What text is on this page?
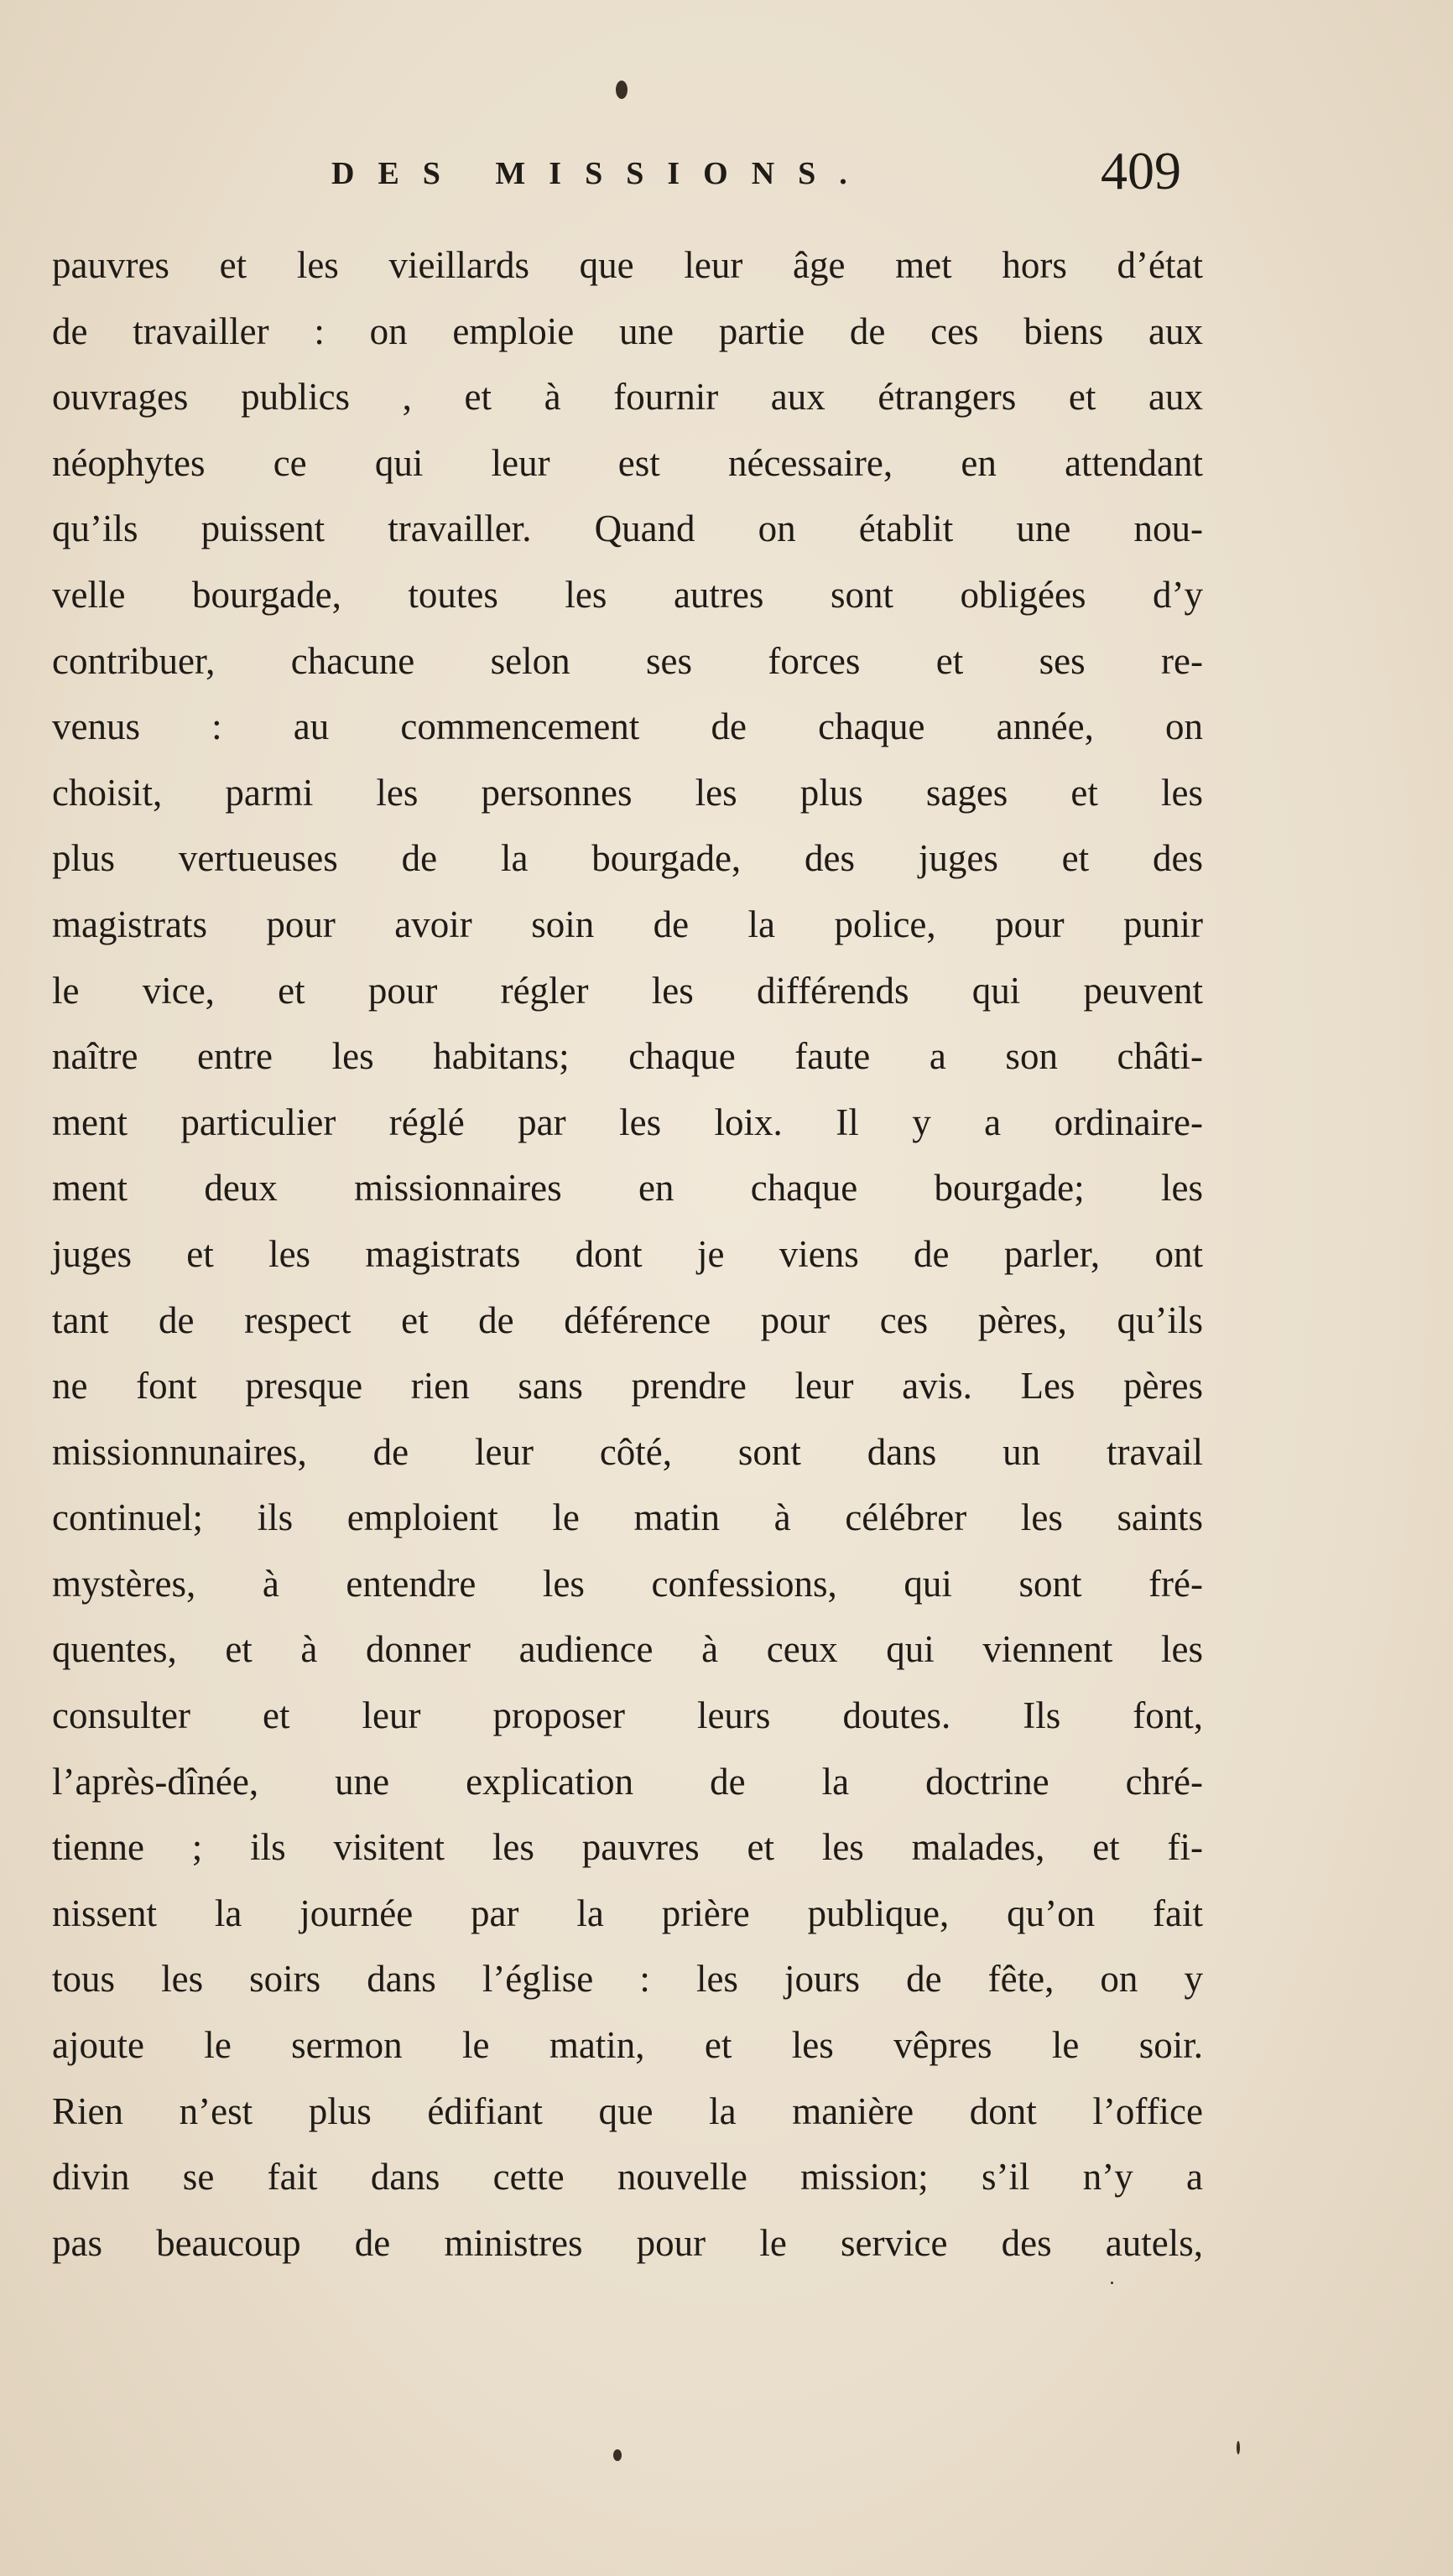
DES MISSIONS.	409
pauvres et les vieillards que leur âge met hors d’état
de travailler : on emploie une partie de ces biens aux
ouvrages publics , et à fournir aux étrangers et aux
néophytes ce qui leur est nécessaire, en attendant
qu’ils puissent travailler. Quand on établit une nou-
velle bourgade, toutes les autres sont obligées d’y
contribuer, chacune selon ses forces et ses re-
venus : au commencement de chaque année, on
choisit, parmi les personnes les plus sages et les
plus vertueuses de la bourgade, des juges et des
magistrats pour avoir soin de la police, pour punir
le vice, et pour régler les différends qui peuvent
naître entre les habitans; chaque faute a son châti-
ment particulier réglé par les loix. Il y a ordinaire-
ment deux missionnaires en chaque bourgade; les
juges et les magistrats dont je viens de parler, ont
tant de respect et de déférence pour ces pères, qu’ils
ne font presque rien sans prendre leur avis. Les pères
missionnunaires, de leur côté, sont dans un travail
continuel; ils emploient le matin à célébrer les saints
mystères, à entendre les confessions, qui sont fré-
quentes, et à donner audience à ceux qui viennent les
consulter et leur proposer leurs doutes. Ils font,
l’après-dînée, une explication de la doctrine chré-
tienne ; ils visitent les pauvres et les malades, et fi-
nissent la journée par la prière publique, qu’on fait
tous les soirs dans l’église : les jours de fête, on y
ajoute le sermon le matin, et les vêpres le soir.
Rien n’est plus édifiant que la manière dont l’office
divin se fait dans cette nouvelle mission; s’il n’y a
pas beaucoup de ministres pour le service des autels,
